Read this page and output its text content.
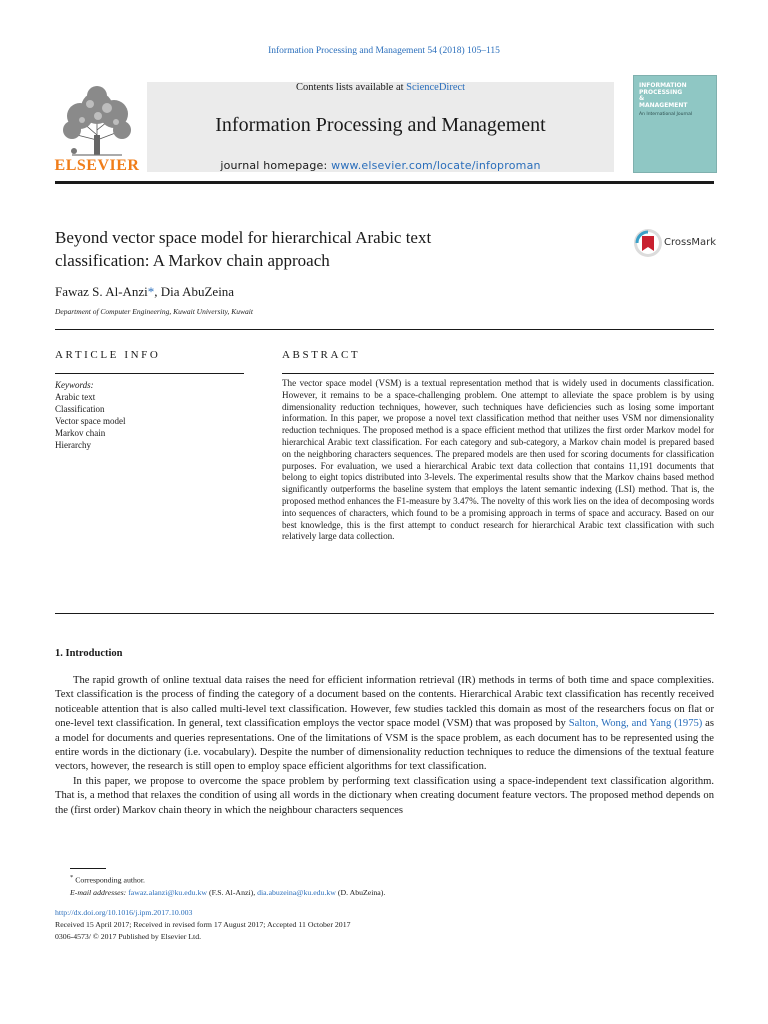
Information Processing and Management 54 (2018) 105–115
ELSEVIER
Contents lists available at ScienceDirect
Information Processing and Management
journal homepage: www.elsevier.com/locate/infoproman
INFORMATION
PROCESSING
&
MANAGEMENT
An International Journal
Beyond vector space model for hierarchical Arabic text
classification: A Markov chain approach
CrossMark
Fawaz S. Al-Anzi*, Dia AbuZeina
Department of Computer Engineering, Kuwait University, Kuwait
ARTICLE INFO
Keywords:
Arabic text
Classification
Vector space model
Markov chain
Hierarchy
ABSTRACT
The vector space model (VSM) is a textual representation method that is widely used in documents classification. However, it remains to be a space-challenging problem. One attempt to alleviate the space problem is by using dimensionality reduction techniques, however, such techniques have deficiencies such as losing some important information. In this paper, we propose a novel text classification method that neither uses VSM nor dimensionality reduction techniques. The proposed method is a space efficient method that utilizes the first order Markov model for hierarchical Arabic text classification. For each category and sub-category, a Markov chain model is prepared based on the neighboring characters sequences. The prepared models are then used for scoring documents for classification purposes. For evaluation, we used a hierarchical Arabic text data collection that contains 11,191 documents that belong to eight topics distributed into 3-levels. The experimental results show that the Markov chains based method significantly outperforms the baseline system that employs the latent semantic indexing (LSI) method. That is, the proposed method enhances the F1-measure by 3.47%. The novelty of this work lies on the idea of decomposing words into sequences of characters, which found to be a promising approach in terms of space and accuracy. Based on our best knowledge, this is the first attempt to conduct research for hierarchical Arabic text classification with such relatively large data collection.
1. Introduction

The rapid growth of online textual data raises the need for efficient information retrieval (IR) methods in terms of both time and space complexities. Text classification is the process of finding the category of a document based on the contents. Hierarchical Arabic text classification has recently received noticeable attention that is also called multi-level text classification. However, few studies tackled this domain as most of the researchers focus on flat or one-level text classification. In general, text classification employs the vector space model (VSM) that was proposed by Salton, Wong, and Yang (1975) as a model for documents and queries representations. One of the limitations of VSM is the space problem, as each document has to be represented using the entire words in the dictionary (i.e. vocabulary). Despite the number of dimensionality reduction techniques to reduce the dimensions of the textual feature vectors, however, the research is still open to employ space efficient algorithms for text classification.

In this paper, we propose to overcome the space problem by performing text classification using a space-independent text classification algorithm. That is, a method that relaxes the condition of using all words in the dictionary when creating document feature vectors. The proposed method depends on the (first order) Markov chain theory in which the neighbour characters sequences

* Corresponding author.
E-mail addresses: fawaz.alanzi@ku.edu.kw (F.S. Al-Anzi), dia.abuzeina@ku.edu.kw (D. AbuZeina).
http://dx.doi.org/10.1016/j.ipm.2017.10.003
Received 15 April 2017; Received in revised form 17 August 2017; Accepted 11 October 2017
0306-4573/ © 2017 Published by Elsevier Ltd.
